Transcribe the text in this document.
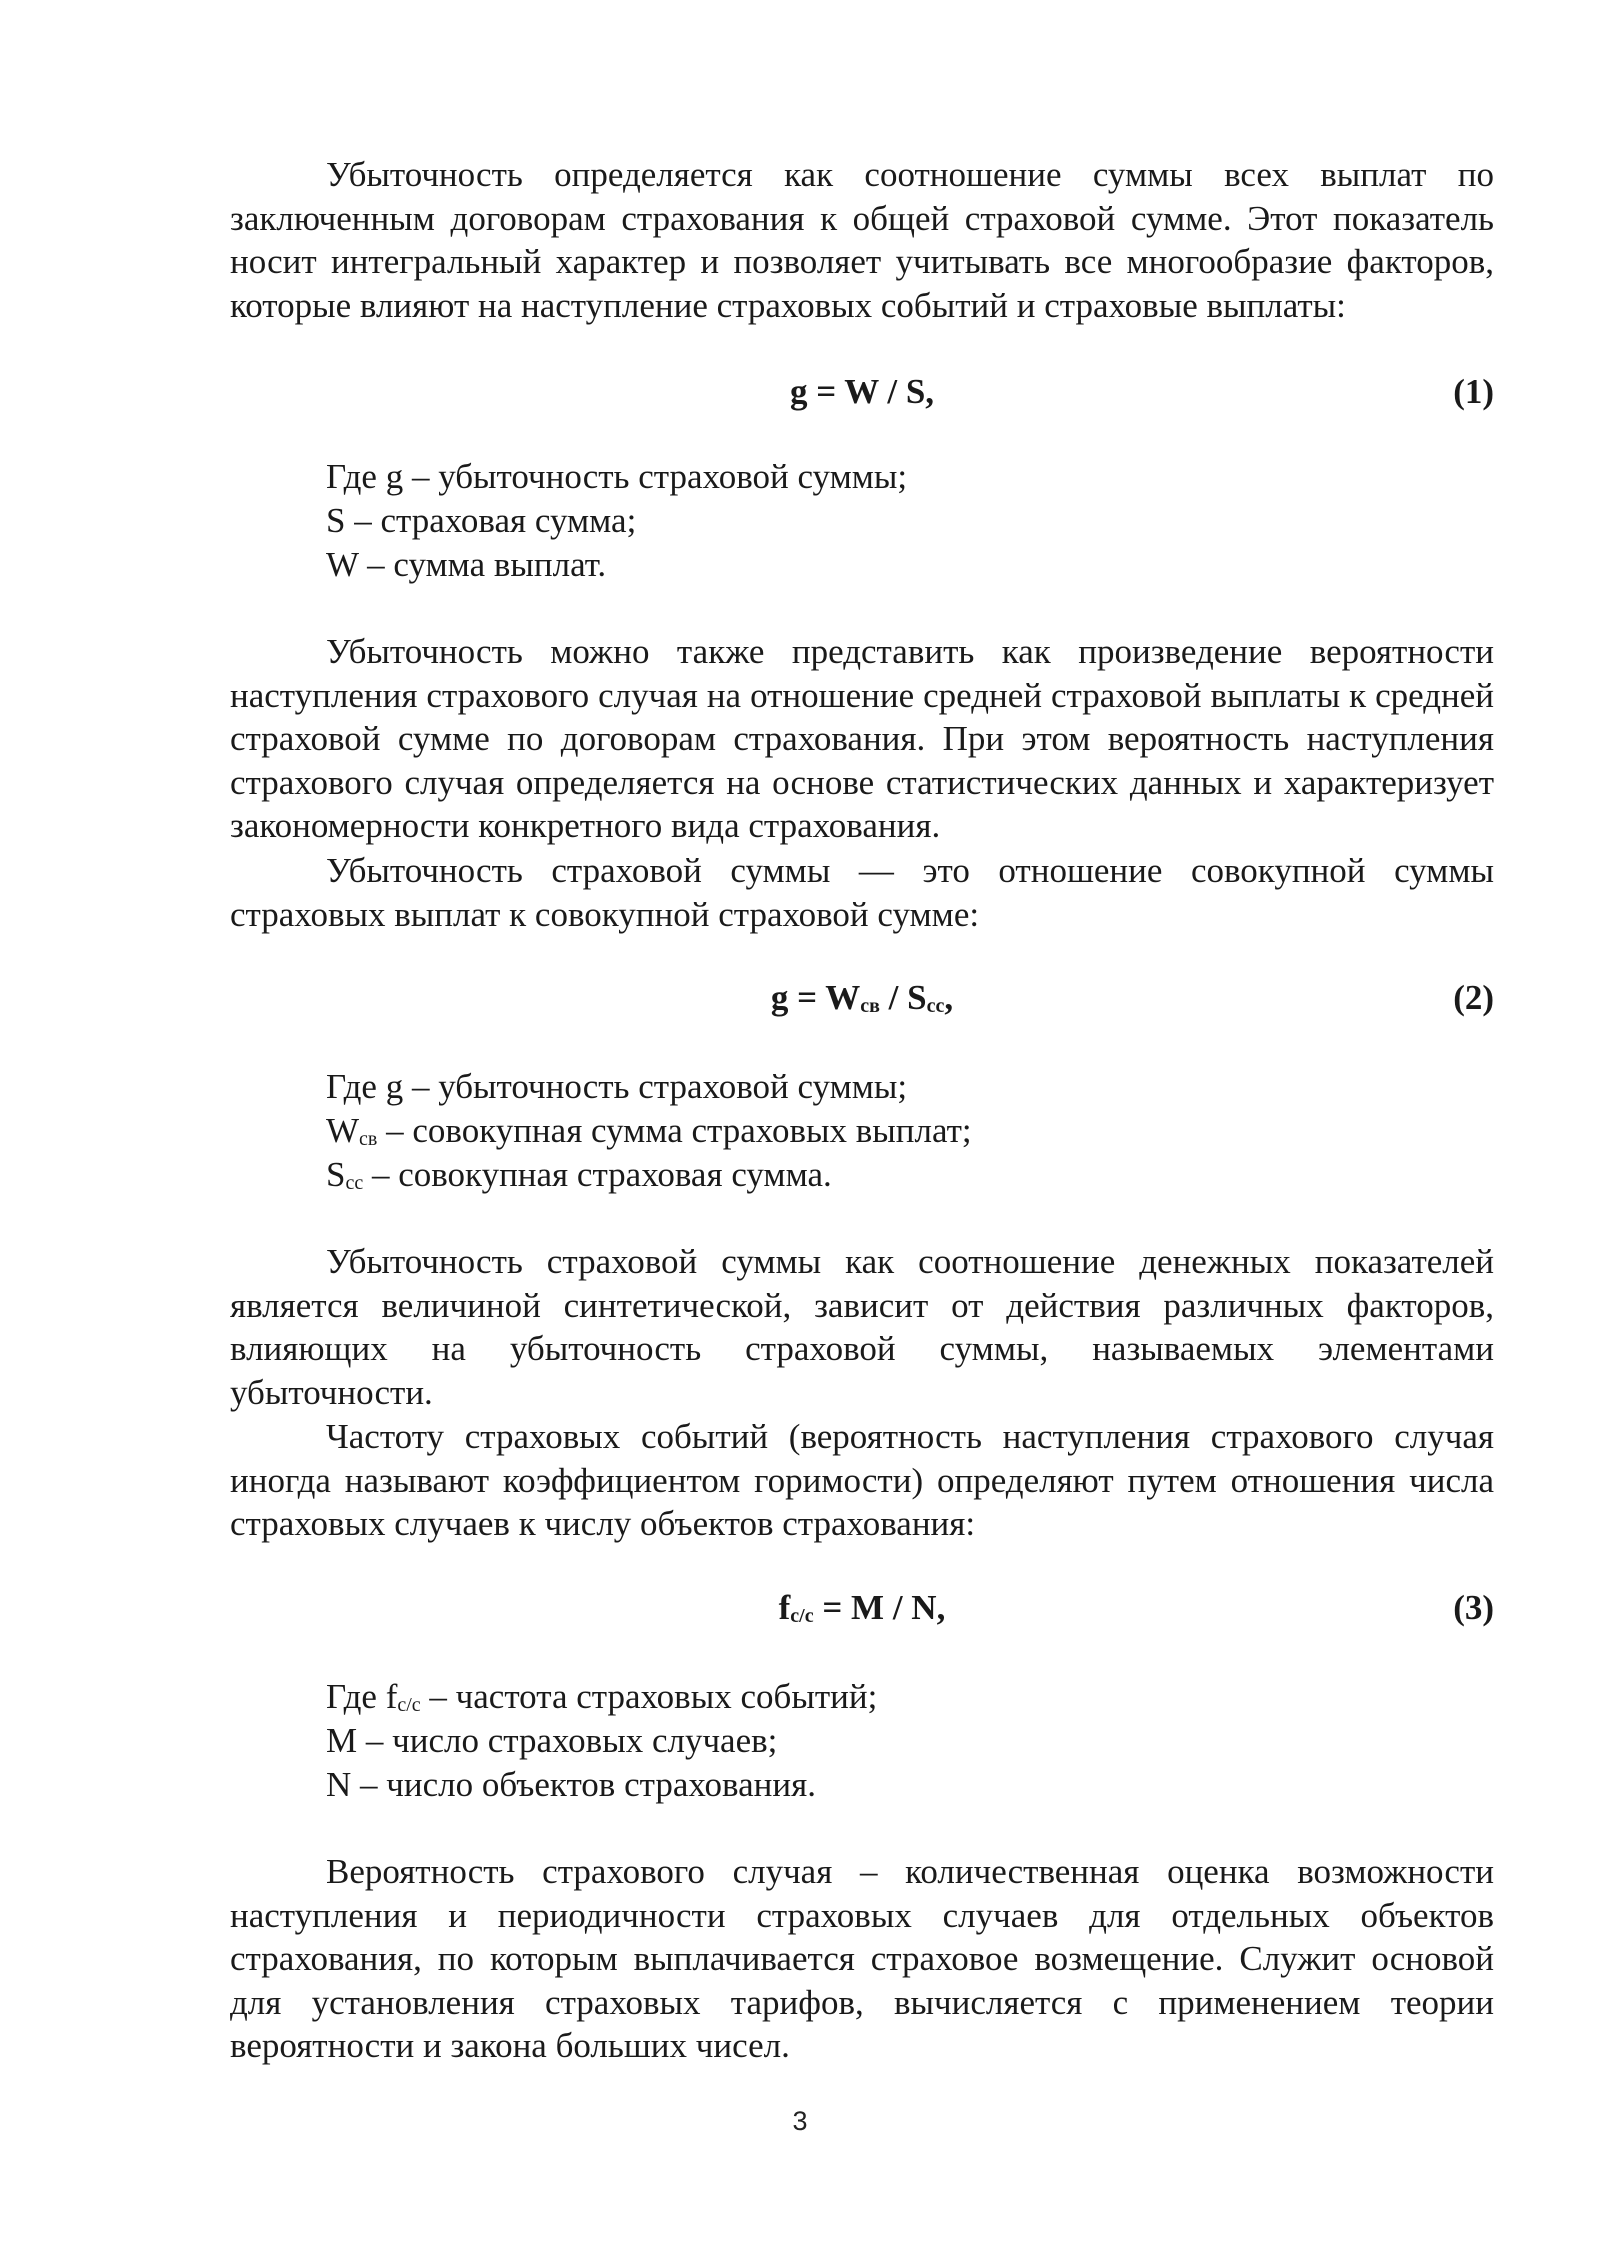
Убыточность определяется как соотношение суммы всех выплат по заключенным договорам страхования к общей страховой сумме. Этот показатель носит интегральный характер и позволяет учитывать все многообразие факторов, которые влияют на наступление страховых событий и страховые выплаты:

g = W / S,	(1)
Где g – убыточность страховой суммы;
S – страховая сумма;
W – сумма выплат.

Убыточность можно также представить как произведение вероятности наступления страхового случая на отношение средней страховой выплаты к средней страховой сумме по договорам страхования. При этом вероятность наступления страхового случая определяется на основе статистических данных и характеризует закономерности конкретного вида страхования.

Убыточность страховой суммы — это отношение совокупной суммы страховых выплат к совокупной страховой сумме:

$g = W_{св} / S_{сс}$,	(2)
Где g – убыточность страховой суммы;
$W_{св}$ – совокупная сумма страховых выплат;
$S_{сс}$ – совокупная страховая сумма.

Убыточность страховой суммы как соотношение денежных показателей является величиной синтетической, зависит от действия различных факторов, влияющих на убыточность страховой суммы, называемых элементами убыточности.

Частоту страховых событий (вероятность наступления страхового случая иногда называют коэффициентом горимости) определяют путем отношения числа страховых случаев к числу объектов страхования:

$f_{с/с} = M / N$,	(3)
Где $f_{с/с}$ – частота страховых событий;
M – число страховых случаев;
N – число объектов страхования.

Вероятность страхового случая – количественная оценка возможности наступления и периодичности страховых случаев для отдельных объектов страхования, по которым выплачивается страховое возмещение. Служит основой для установления страховых тарифов, вычисляется с применением теории вероятности и закона больших чисел.

3
